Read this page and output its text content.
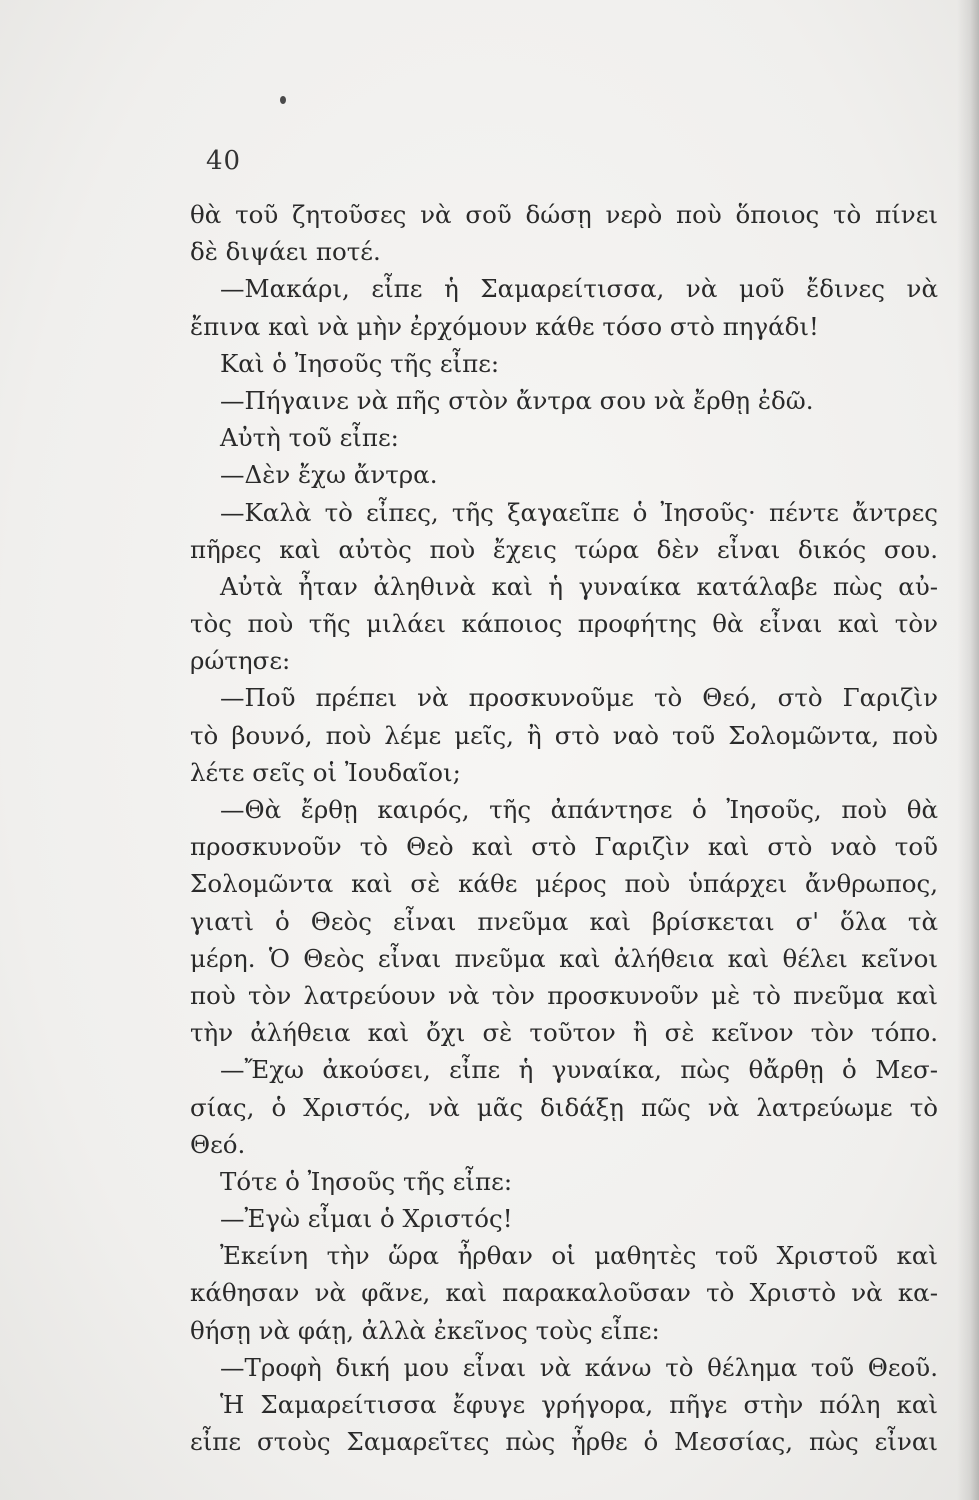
40
θὰ τοῦ ζητοῦσες νὰ σοῦ δώσῃ νερὸ ποὺ ὅποιος τὸ πίνει
δὲ διψάει ποτέ.
—Μακάρι, εἶπε ἡ Σαμαρείτισσα, νὰ μοῦ ἔδινες νὰ
ἔπινα καὶ νὰ μὴν ἐρχόμουν κάθε τόσο στὸ πηγάδι!
Καὶ ὁ Ἰησοῦς τῆς εἶπε:
—Πήγαινε νὰ πῆς στὸν ἄντρα σου νὰ ἔρθῃ ἐδῶ.
Αὐτὴ τοῦ εἶπε:
—Δὲν ἔχω ἄντρα.
—Καλὰ τὸ εἶπες, τῆς ξαγαεῖπε ὁ Ἰησοῦς· πέντε ἄντρες
πῆρες καὶ αὐτὸς ποὺ ἔχεις τώρα δὲν εἶναι δικός σου.
Αὐτὰ ἦταν ἀληθινὰ καὶ ἡ γυναίκα κατάλαβε πὼς αὐ-
τὸς ποὺ τῆς μιλάει κάποιος προφήτης θὰ εἶναι καὶ τὸν
ρώτησε:
—Ποῦ πρέπει νὰ προσκυνοῦμε τὸ Θεό, στὸ Γαριζὶν
τὸ βουνό, ποὺ λέμε μεῖς, ἢ στὸ ναὸ τοῦ Σολομῶντα, ποὺ
λέτε σεῖς οἱ Ἰουδαῖοι;
—Θὰ ἔρθῃ καιρός, τῆς ἀπάντησε ὁ Ἰησοῦς, ποὺ θὰ
προσκυνοῦν τὸ Θεὸ καὶ στὸ Γαριζὶν καὶ στὸ ναὸ τοῦ
Σολομῶντα καὶ σὲ κάθε μέρος ποὺ ὑπάρχει ἄνθρωπος,
γιατὶ ὁ Θεὸς εἶναι πνεῦμα καὶ βρίσκεται σ' ὅλα τὰ
μέρη. Ὁ Θεὸς εἶναι πνεῦμα καὶ ἀλήθεια καὶ θέλει κεῖνοι
ποὺ τὸν λατρεύουν νὰ τὸν προσκυνοῦν μὲ τὸ πνεῦμα καὶ
τὴν ἀλήθεια καὶ ὄχι σὲ τοῦτον ἢ σὲ κεῖνον τὸν τόπο.
—Ἔχω ἀκούσει, εἶπε ἡ γυναίκα, πὼς θἄρθῃ ὁ Μεσ-
σίας, ὁ Χριστός, νὰ μᾶς διδάξῃ πῶς νὰ λατρεύωμε τὸ
Θεό.
Τότε ὁ Ἰησοῦς τῆς εἶπε:
—Ἐγὼ εἶμαι ὁ Χριστός!
Ἐκείνη τὴν ὥρα ἦρθαν οἱ μαθητὲς τοῦ Χριστοῦ καὶ
κάθησαν νὰ φᾶνε, καὶ παρακαλοῦσαν τὸ Χριστὸ νὰ κα-
θήσῃ νὰ φάῃ, ἀλλὰ ἐκεῖνος τοὺς εἶπε:
—Τροφὴ δική μου εἶναι νὰ κάνω τὸ θέλημα τοῦ Θεοῦ.
Ἡ Σαμαρείτισσα ἔφυγε γρήγορα, πῆγε στὴν πόλη καὶ
εἶπε στοὺς Σαμαρεῖτες πὼς ἦρθε ὁ Μεσσίας, πὼς εἶναι
